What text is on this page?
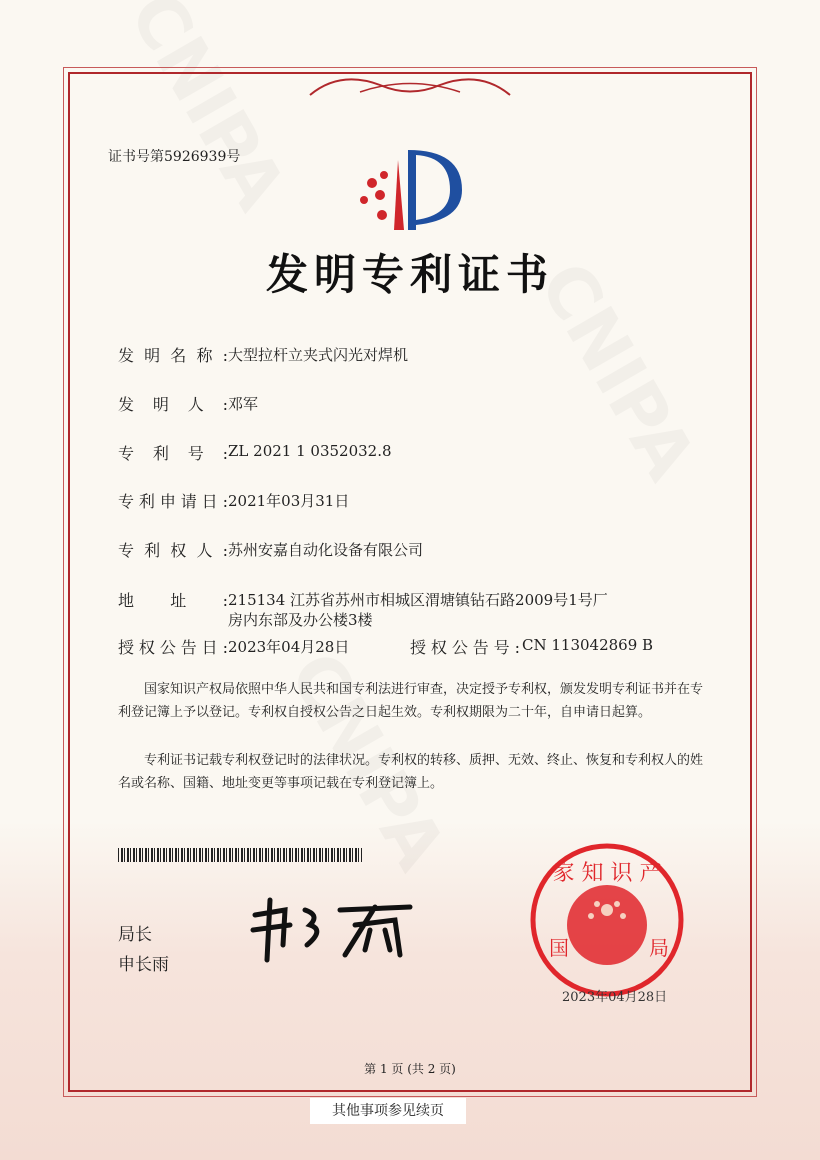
证书号第5926939号
发明专利证书
发明名称: 大型拉杆立夹式闪光对焊机
发明人: 邓军
专利号: ZL 2021 1 0352032.8
专利申请日: 2021年03月31日
专利权人: 苏州安嘉自动化设备有限公司
地址: 215134 江苏省苏州市相城区渭塘镇钻石路2009号1号厂
房内东部及办公楼3楼
授权公告日: 2023年04月28日	授权公告号: CN 113042869 B
国家知识产权局依照中华人民共和国专利法进行审查，决定授予专利权，颁发发明专利证书并在专利登记簿上予以登记。专利权自授权公告之日起生效。专利权期限为二十年，自申请日起算。
专利证书记载专利权登记时的法律状况。专利权的转移、质押、无效、终止、恢复和专利权人的姓名或名称、国籍、地址变更等事项记载在专利登记簿上。
局长
申长雨
家 知 识 产
国	局
2023年04月28日
第 1 页 (共 2 页)
其他事项参见续页
